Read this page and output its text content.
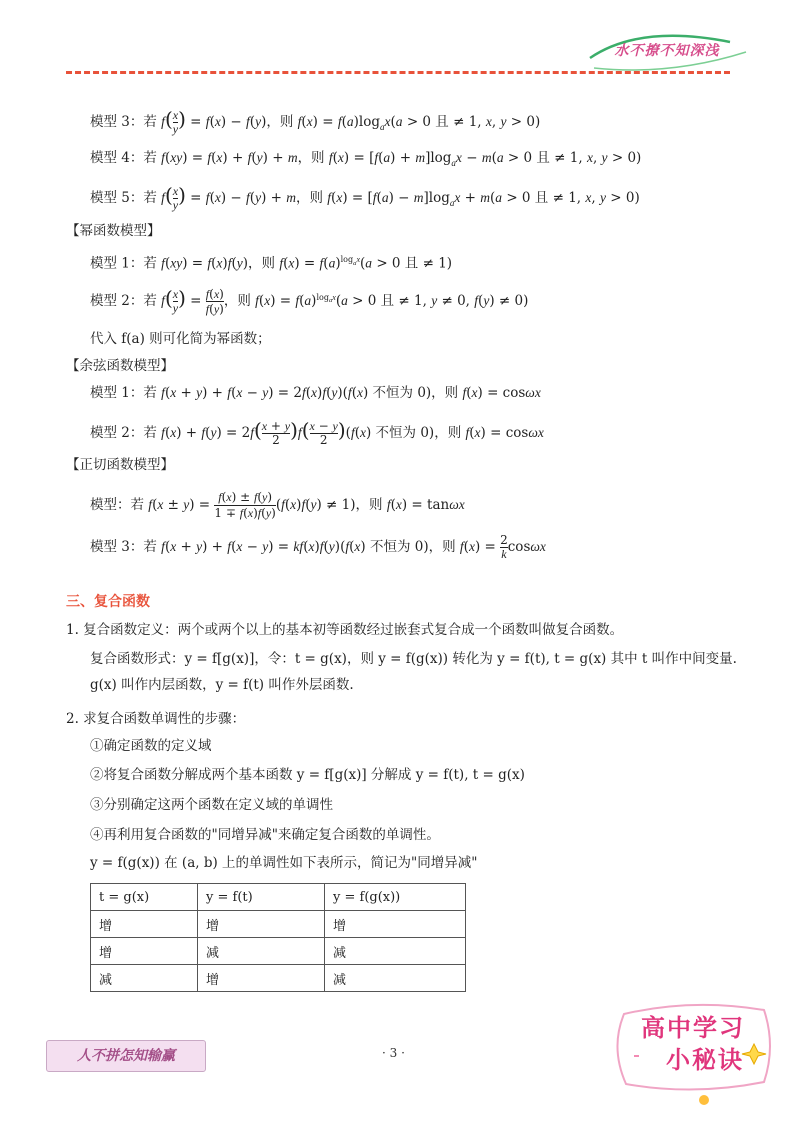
水不撩不知深浅
模型 3：若 $f( \frac{x}{y}$ ) = f(x) − f(y)，则 $f(x) = f(a)\log_ax(a > 0$ 且 ≠ 1, x, y > 0)
模型 4：若 f(xy) = f(x) + f(y) + m，则 $f(x) = [f(a) + m]\log_ax - m(a > 0$ 且 ≠ 1, x, y > 0)
模型 5：若 $f( \frac{x}{y}$ ) = f(x) − f(y) + m，则 $f(x) = [f(a) - m]\log_ax + m(a > 0$ 且 ≠ 1, x, y > 0)
【幂函数模型】
模型 1：若 f(xy) = f(x)f(y)，则 $f(x) = f(a)^{log_ax}(a > 0$ 且 ≠ 1)
模型 2：若 $f( \frac{x}{y}$ ) = $\frac{f(x)}{f(y)}$ ，则 $f(x) = f(a)^{log_ax}(a > 0$ 且 ≠ 1, y ≠ 0, f(y) ≠ 0)
代入 f(a) 则可化简为幂函数；
【余弦函数模型】
模型 1：若 f(x + y) + f(x − y) = 2f(x)f(y)(f(x) 不恒为 0)，则 f(x) = cosωx
模型 2：若 $f(x) + f(y) = 2f( \frac{x + y}{2} )f( \frac{x - y}{2} )(f(x)$ 不恒为 0)，则 f(x) = cosωx
【正切函数模型】
模型：若 $f(x \pm y) = \frac{f(x) \pm f(y)}{1 \mp f(x)f(y)} (f(x)f(y) \ne 1)$，则 f(x) = tanωx
模型 3：若 f(x + y) + f(x − y) = kf(x)f(y)(f(x) 不恒为 0)，则 $f(x) = \frac{2}{k}$ cosωx
三、复合函数
1. 复合函数定义：两个或两个以上的基本初等函数经过嵌套式复合成一个函数叫做复合函数。
复合函数形式：y = f[g(x)]，令：t = g(x)，则 y = f(g(x)) 转化为 y = f(t), t = g(x) 其中 t 叫作中间变量.
g(x) 叫作内层函数，y = f(t) 叫作外层函数.
2. 求复合函数单调性的步骤：
①确定函数的定义域
②将复合函数分解成两个基本函数 y = f[g(x)] 分解成 y = f(t), t = g(x)
③分别确定这两个函数在定义域的单调性
④再利用复合函数的"同增异减"来确定复合函数的单调性。
y = f(g(x)) 在 (a, b) 上的单调性如下表所示，简记为"同增异减"
t = g(x)	y = f(t)	y = f(g(x))
增	增	增
增	减	减
减	增	减
人不拼怎知输赢	· 3 ·
高中学习
小秘诀
